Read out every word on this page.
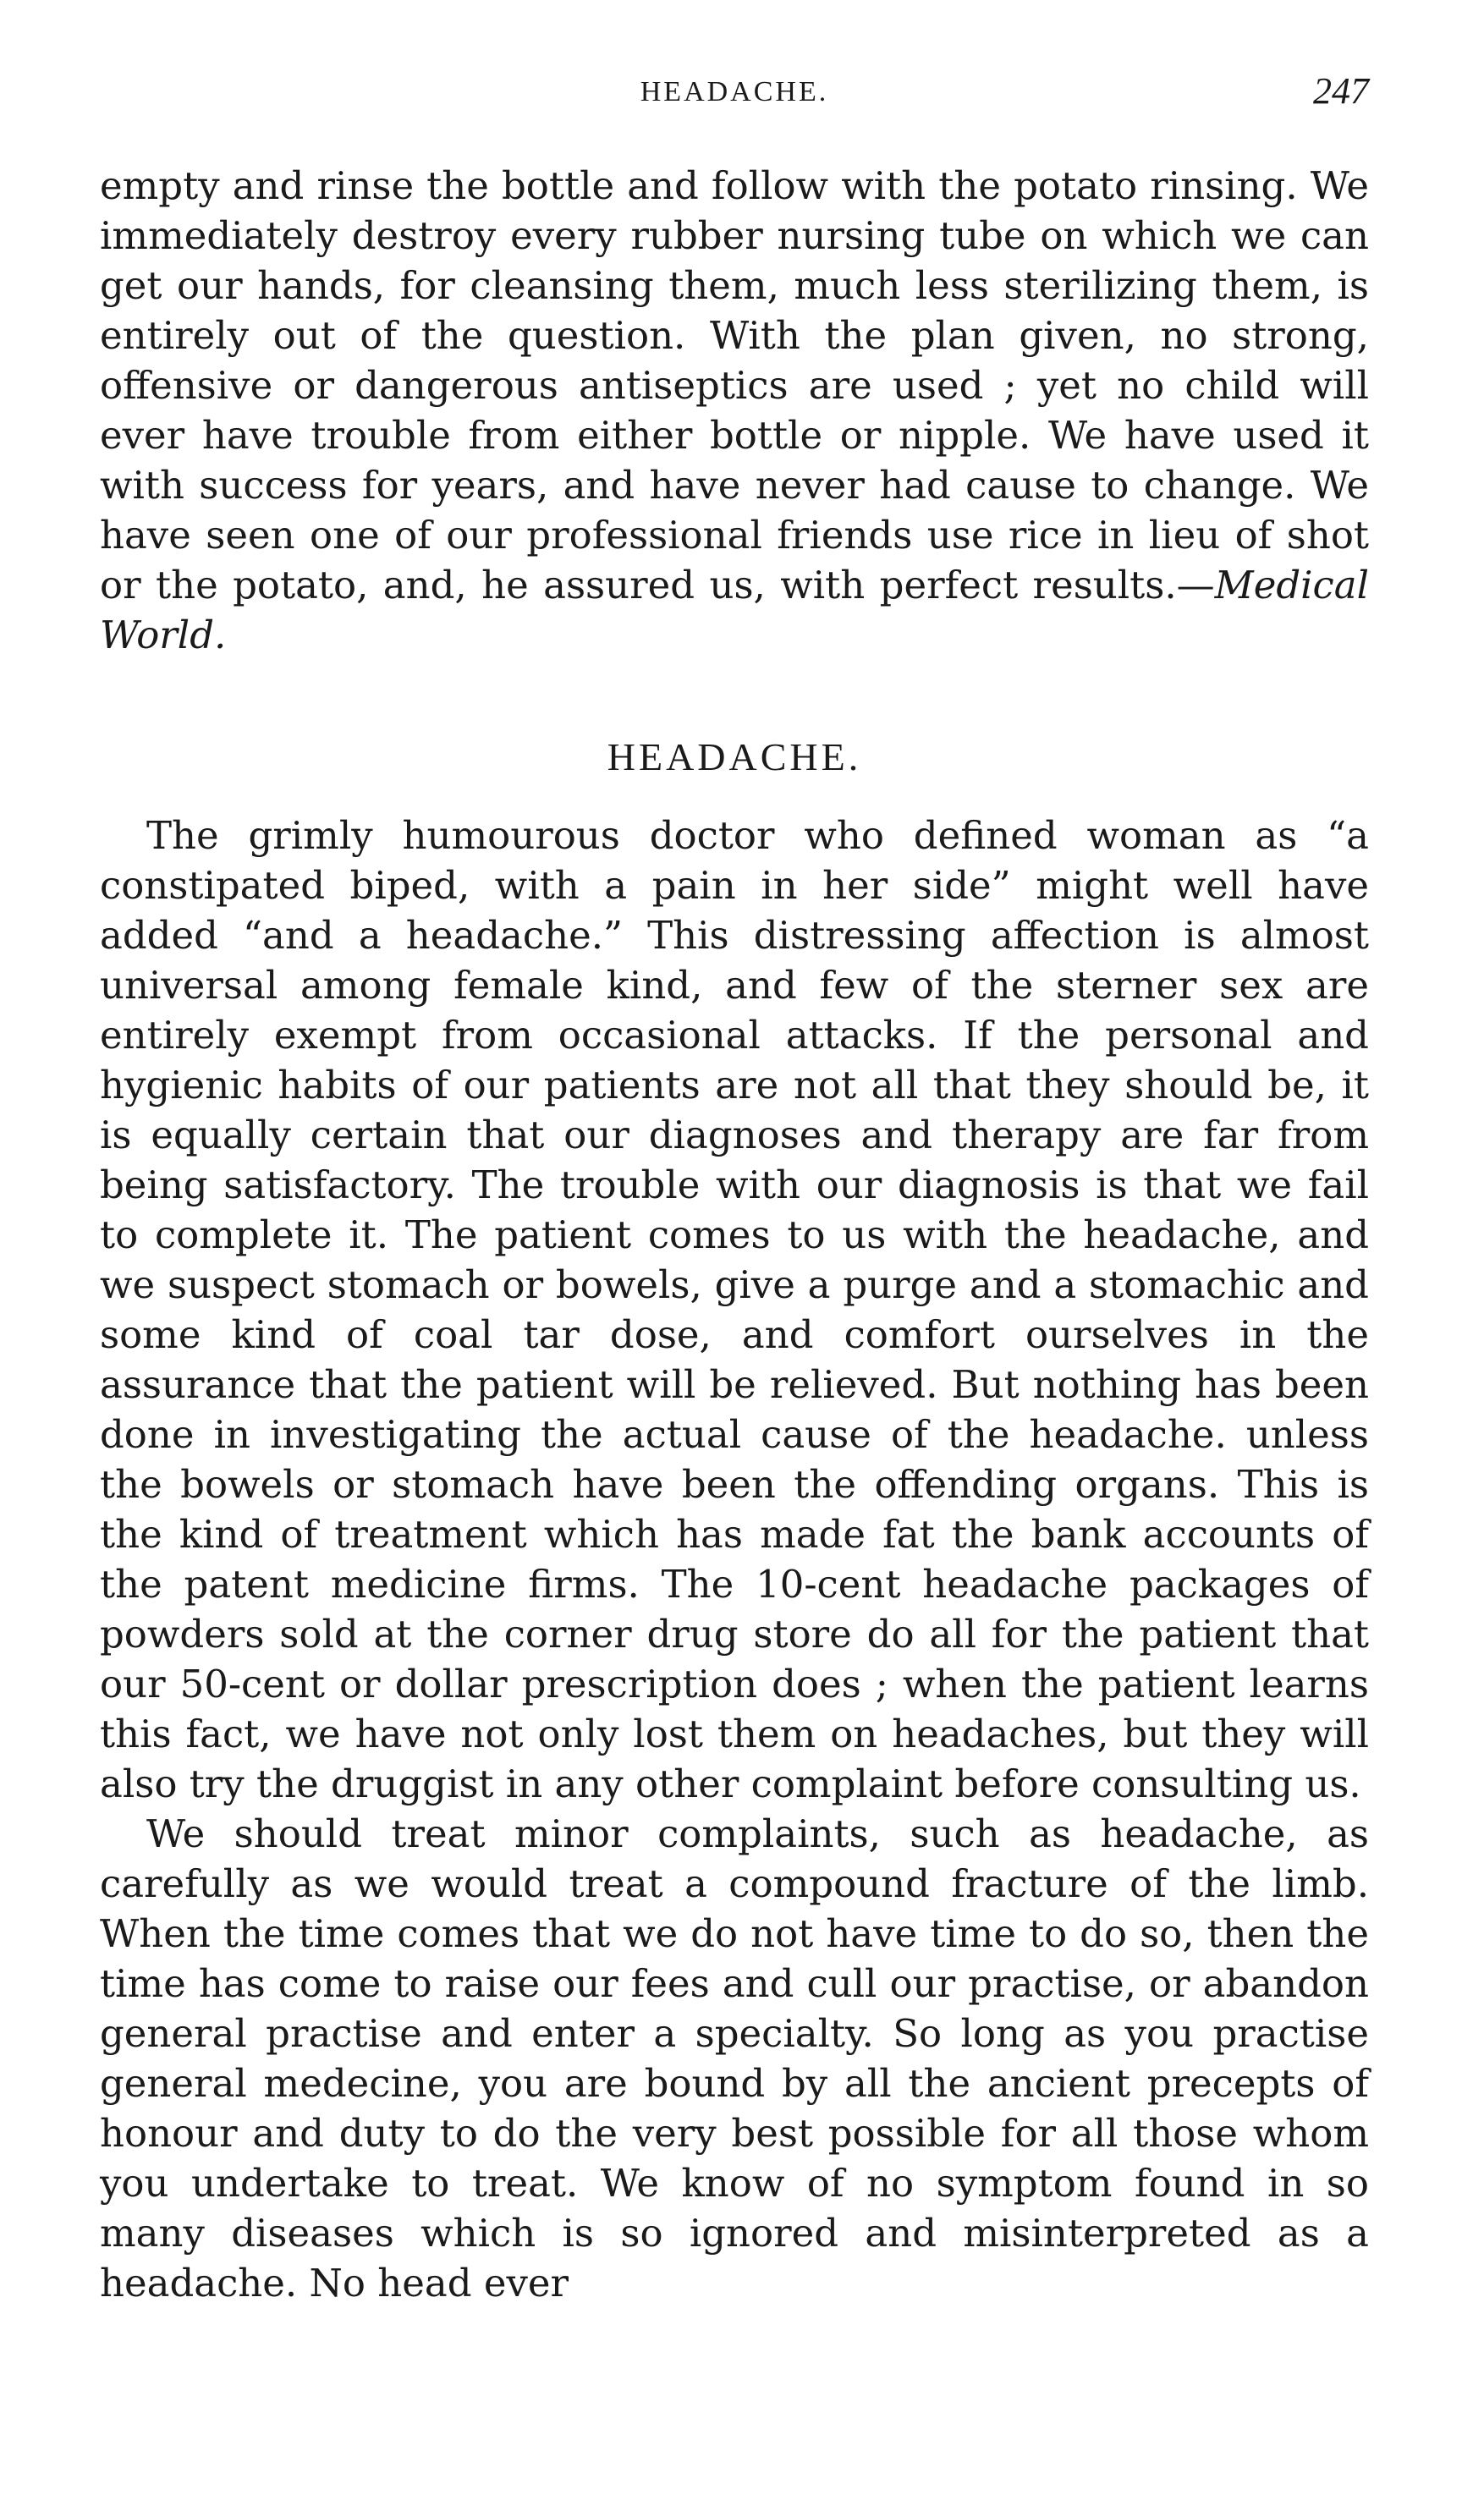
HEADACHE.	247

empty and rinse the bottle and follow with the potato rinsing. We immediately destroy every rubber nursing tube on which we can get our hands, for cleansing them, much less sterilizing them, is entirely out of the question. With the plan given, no strong, offensive or dangerous antiseptics are used ; yet no child will ever have trouble from either bottle or nipple. We have used it with success for years, and have never had cause to change. We have seen one of our professional friends use rice in lieu of shot or the potato, and, he assured us, with perfect results.—Medical World.

HEADACHE.

The grimly humourous doctor who defined woman as “a constipated biped, with a pain in her side” might well have added “and a headache.” This distressing affection is almost universal among female kind, and few of the sterner sex are entirely exempt from occasional attacks. If the personal and hygienic habits of our patients are not all that they should be, it is equally certain that our diagnoses and therapy are far from being satisfactory. The trouble with our diagnosis is that we fail to complete it. The patient comes to us with the headache, and we suspect stomach or bowels, give a purge and a stomachic and some kind of coal tar dose, and comfort ourselves in the assurance that the patient will be relieved. But nothing has been done in investigating the actual cause of the headache. unless the bowels or stomach have been the offending organs. This is the kind of treatment which has made fat the bank accounts of the patent medicine firms. The 10-cent headache packages of powders sold at the corner drug store do all for the patient that our 50-cent or dollar prescription does ; when the patient learns this fact, we have not only lost them on headaches, but they will also try the druggist in any other complaint before consulting us.

We should treat minor complaints, such as headache, as carefully as we would treat a compound fracture of the limb. When the time comes that we do not have time to do so, then the time has come to raise our fees and cull our practise, or abandon general practise and enter a specialty. So long as you practise general medecine, you are bound by all the ancient precepts of honour and duty to do the very best possible for all those whom you undertake to treat. We know of no symptom found in so many diseases which is so ignored and misinterpreted as a headache. No head ever
